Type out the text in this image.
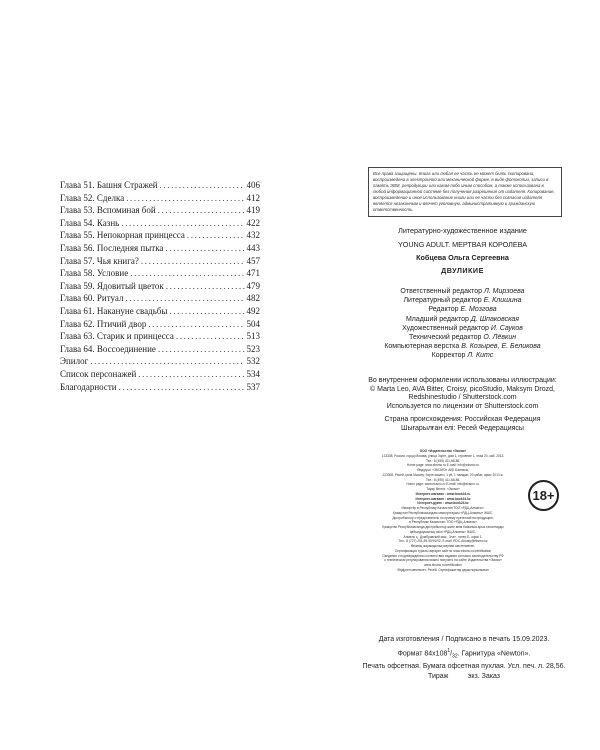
Глава 51. Башня Стражей .....	406
Глава 52. Сделка .....	412
Глава 53. Вспоминая бой .....	419
Глава 54. Казнь .....	422
Глава 55. Непокорная принцесса .....	432
Глава 56. Последняя пытка .....	443
Глава 57. Чья книга? .....	457
Глава 58. Условие .....	471
Глава 59. Ядовитый цветок .....	479
Глава 60. Ритуал .....	482
Глава 61. Накануне свадьбы .....	492
Глава 62. Птичий двор .....	504
Глава 63. Старик и принцесса .....	513
Глава 64. Воссоединение .....	523
Эпилог .....	532
Список персонажей .....	534
Благодарности .....	537
Все права защищены. Книга или любая ее часть не может быть скопирована, воспроизведена в электронной или механической форме, в виде фотокопии, записи в память ЭВМ, репродукции или каким-либо иным способом, а также использована в любой информационной системе без получения разрешения от издателя. Копирование, воспроизведение и иное использование книги или ее части без согласия издателя является незаконным и влечет уголовную, административную и гражданскую ответственность.
Литературно-художественное издание
YOUNG ADULT. МЕРТВАЯ КОРОЛЕВА
Кобцева Ольга Сергеевна
ДВУЛИКИЕ
Ответственный редактор Л. Мирзоева
Литературный редактор Е. Клишина
Редактор Е. Мозгова
Младший редактор Д. Шпаковская
Художественный редактор И. Сауков
Технический редактор О. Лёвкин
Компьютерная верстка В. Козырев, Е. Беликова
Корректор Л. Китс
Во внутреннем оформлении использованы иллюстрации:
© Marta Leo, AVA Bitter, Croisy, picoStudio, Maksym Drozd,
Redshinestudio / Shutterstock.com
Используется по лицензии от Shutterstock.com
Страна происхождения: Российская Федерация
Шығарылған елі: Ресей Федерациясы
ООО «Издательство «Эксмо»
123308, Россия, город Москва, улица Зорге, дом 1, строение 1, этаж 20, каб. 2013.
Тел.: 8 (495) 411-68-86.
Home page: www.eksmo.ru E-mail: info@eksmo.ru
Өндіруші: «ЭКСМО» АҚБ Баспасы,
123308, Ресей, қала Мәскеу, Зорге көшесі, 1 үй, 1 ғимарат, 20 қабат, офис 2013 ж.
Тел.: 8 (495) 411-68-86.
Home page: www.eksmo.ru E-mail: info@eksmo.ru.
Тауар белгісі: «Эксмо»
Интернет-магазин : www.book24.ru
Интернет-магазин : www.book24.kz
Интернет-дүкен : www.book24.kz
Импортёр в Республику Казахстан ТОО «РДЦ-Алматы».
Қазақстан Республикасындағы импорттаушы «РДЦ-Алматы» ЖШС.
Дистрибьютор и представитель по приему претензий на продукцию,
в Республике Казахстан: ТОО «РДЦ-Алматы»
Қазақстан Республикасында дистрибьютор және өнім бойынша арыз-талаптарды
қабылдаушының өкілі «РДЦ-Алматы» ЖШС,
Алматы қ., Домбровский көш., 3«а», литер Б, офис 1.
Тел.: 8 (727) 251-59-90/91/92; E-mail: RDC-Almaty@eksmo.kz
Өнімнің жарамдылық мерзімі шектелмеген.
Сертификация туралы ақпарат сайтта: www.eksmo.ru/certification
Сведения о подтверждении соответствия издания согласно законодательству РФ
о техническом регулировании можно получить на сайте Издательства «Эксмо»
www.eksmo.ru/certification
Өндірген мемлекет: Ресей. Сертификаттау қарастырылмаған
18+
Дата изготовления / Подписано в печать 15.09.2023.
Формат $84х108^1/_{32}$. Гарнитура «Newton».
Печать офсетная. Бумага офсетная пухлая. Усл. печ. л. 28,56.
Тираж          экз. Заказ
